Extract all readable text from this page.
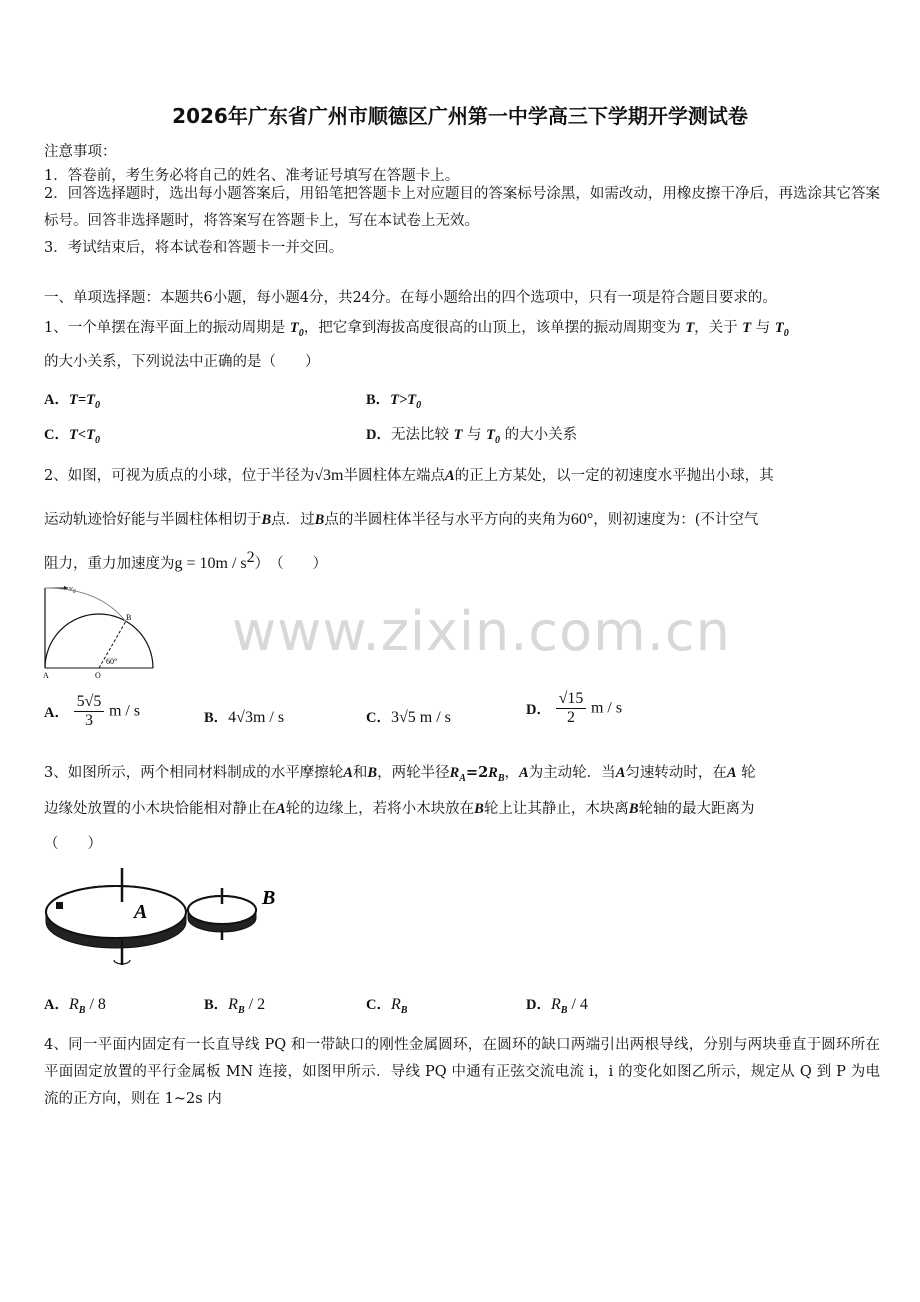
2026年广东省广州市顺德区广州第一中学高三下学期开学测试卷
注意事项：
1．答卷前，考生务必将自己的姓名、准考证号填写在答题卡上。
2．回答选择题时，选出每小题答案后，用铅笔把答题卡上对应题目的答案标号涂黑，如需改动，用橡皮擦干净后，再选涂其它答案标号。回答非选择题时，将答案写在答题卡上，写在本试卷上无效。
3．考试结束后，将本试卷和答题卡一并交回。
一、单项选择题：本题共6小题，每小题4分，共24分。在每小题给出的四个选项中，只有一项是符合题目要求的。
1、一个单摆在海平面上的振动周期是 $T_0$，把它拿到海拔高度很高的山顶上，该单摆的振动周期变为 T，关于 T 与 $T_0$
的大小关系，下列说法中正确的是（　　）
A．$T=T_0$	B．$T>T_0$
C．$T<T_0$	D．无法比较 T 与 $T_0$ 的大小关系
2、如图，可视为质点的小球，位于半径为√3m半圆柱体左端点A的正上方某处，以一定的初速度水平抛出小球，其
运动轨迹恰好能与半圆柱体相切于B点．过B点的半圆柱体半径与水平方向的夹角为60°，则初速度为：(不计空气
阻力，重力加速度为$g = 10m / s^2$）　（　　）
$v_0$
B
A	O
60°
A． $\frac{5√5}{3}$ m / s	B．4√3m / s	C．3√5 m / s	D． $\frac{√15}{2}$ m / s
3、如图所示，两个相同材料制成的水平摩擦轮A和B，两轮半径$R_A=2R_B$，A为主动轮．当A匀速转动时，在A 轮
边缘处放置的小木块恰能相对静止在A轮的边缘上，若将小木块放在B轮上让其静止，木块离B轮轴的最大距离为
（　　）
A
B
A．$R_B / 8$	B．$R_B / 2$	C．$R_B$	D．$R_B / 4$
4、同一平面内固定有一长直导线 PQ 和一带缺口的刚性金属圆环，在圆环的缺口两端引出两根导线，分别与两块垂直于圆环所在平面固定放置的平行金属板 MN 连接，如图甲所示．导线 PQ 中通有正弦交流电流 i，i 的变化如图乙所示，规定从 Q 到 P 为电流的正方向，则在 1~2s 内
www.zixin.com.cn
